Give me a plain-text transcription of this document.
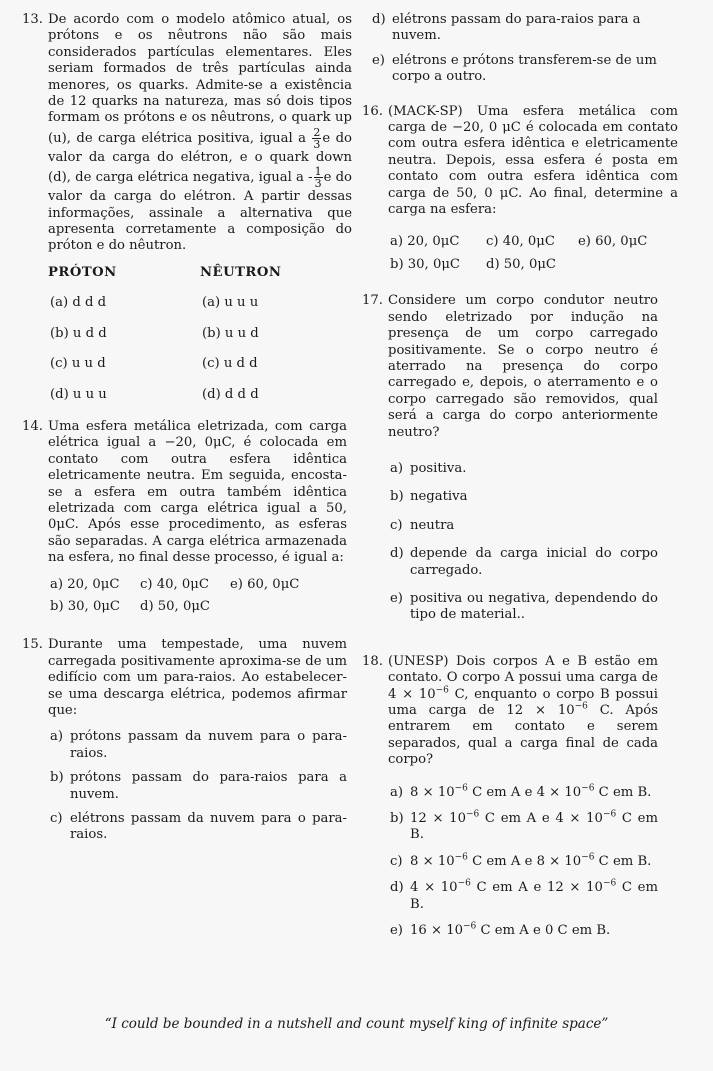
13. De acordo com o modelo atômico atual, os prótons e os nêutrons não são mais considerados partículas elementares. Eles seriam formados de três partículas ainda menores, os quarks. Admite-se a existência de 12 quarks na natureza, mas só dois tipos formam os prótons e os nêutrons, o quark up (u), de carga elétrica positiva, igual a $\frac{2}{3}$ e do valor da carga do elétron, e o quark down (d), de carga elétrica negativa, igual a - $\frac{1}{3}$ e do valor da carga do elétron. A partir dessas informações, assinale a alternativa que apresenta corretamente a composição do próton e do nêutron.

PRÓTON	NÊUTRON
(a) d d d	(a) u u u
(b) u d d	(b) u u d
(c) u u d	(c) u d d
(d) u u u	(d) d d d
14. Uma esfera metálica eletrizada, com carga elétrica igual a −20, 0μC, é colocada em contato com outra esfera idêntica eletricamente neutra. Em seguida, encosta-se a esfera em outra também idêntica eletrizada com carga elétrica igual a 50, 0μC. Após esse procedimento, as esferas são separadas. A carga elétrica armazenada na esfera, no final desse processo, é igual a:

a) 20, 0μC	c) 40, 0μC	e) 60, 0μC
b) 30, 0μC	d) 50, 0μC
15. Durante uma tempestade, uma nuvem carregada positivamente aproxima-se de um edifício com um para-raios. Ao estabelecer-se uma descarga elétrica, podemos afirmar que:

a) prótons passam da nuvem para o para-raios.
b) prótons passam do para-raios para a nuvem.
c) elétrons passam da nuvem para o para-raios.
d) elétrons passam do para-raios para a nuvem.
e) elétrons e prótons transferem-se de um corpo a outro.
16. (MACK-SP) Uma esfera metálica com carga de −20, 0 μC é colocada em contato com outra esfera idêntica e eletricamente neutra. Depois, essa esfera é posta em contato com outra esfera idêntica com carga de 50, 0 μC. Ao final, determine a carga na esfera:

a) 20, 0μC	c) 40, 0μC	e) 60, 0μC
b) 30, 0μC	d) 50, 0μC
17. Considere um corpo condutor neutro sendo eletrizado por indução na presença de um corpo carregado positivamente. Se o corpo neutro é aterrado na presença do corpo carregado e, depois, o aterramento e o corpo carregado são removidos, qual será a carga do corpo anteriormente neutro?

a) positiva.
b) negativa
c) neutra
d) depende da carga inicial do corpo carregado.
e) positiva ou negativa, dependendo do tipo de material..
18. (UNESP) Dois corpos A e B estão em contato. O corpo A possui uma carga de $4 \times 10^{-6}$ C, enquanto o corpo B possui uma carga de $12 \times 10^{-6}$ C. Após entrarem em contato e serem separados, qual a carga final de cada corpo?

a) $8 \times 10^{-6}$ C em A e $4 \times 10^{-6}$ C em B.
b) $12 \times 10^{-6}$ C em A e $4 \times 10^{-6}$ C em B.
c) $8 \times 10^{-6}$ C em A e $8 \times 10^{-6}$ C em B.
d) $4 \times 10^{-6}$ C em A e $12 \times 10^{-6}$ C em B.
e) $16 \times 10^{-6}$ C em A e 0 C em B.
“I could be bounded in a nutshell and count myself king of infinite space”
